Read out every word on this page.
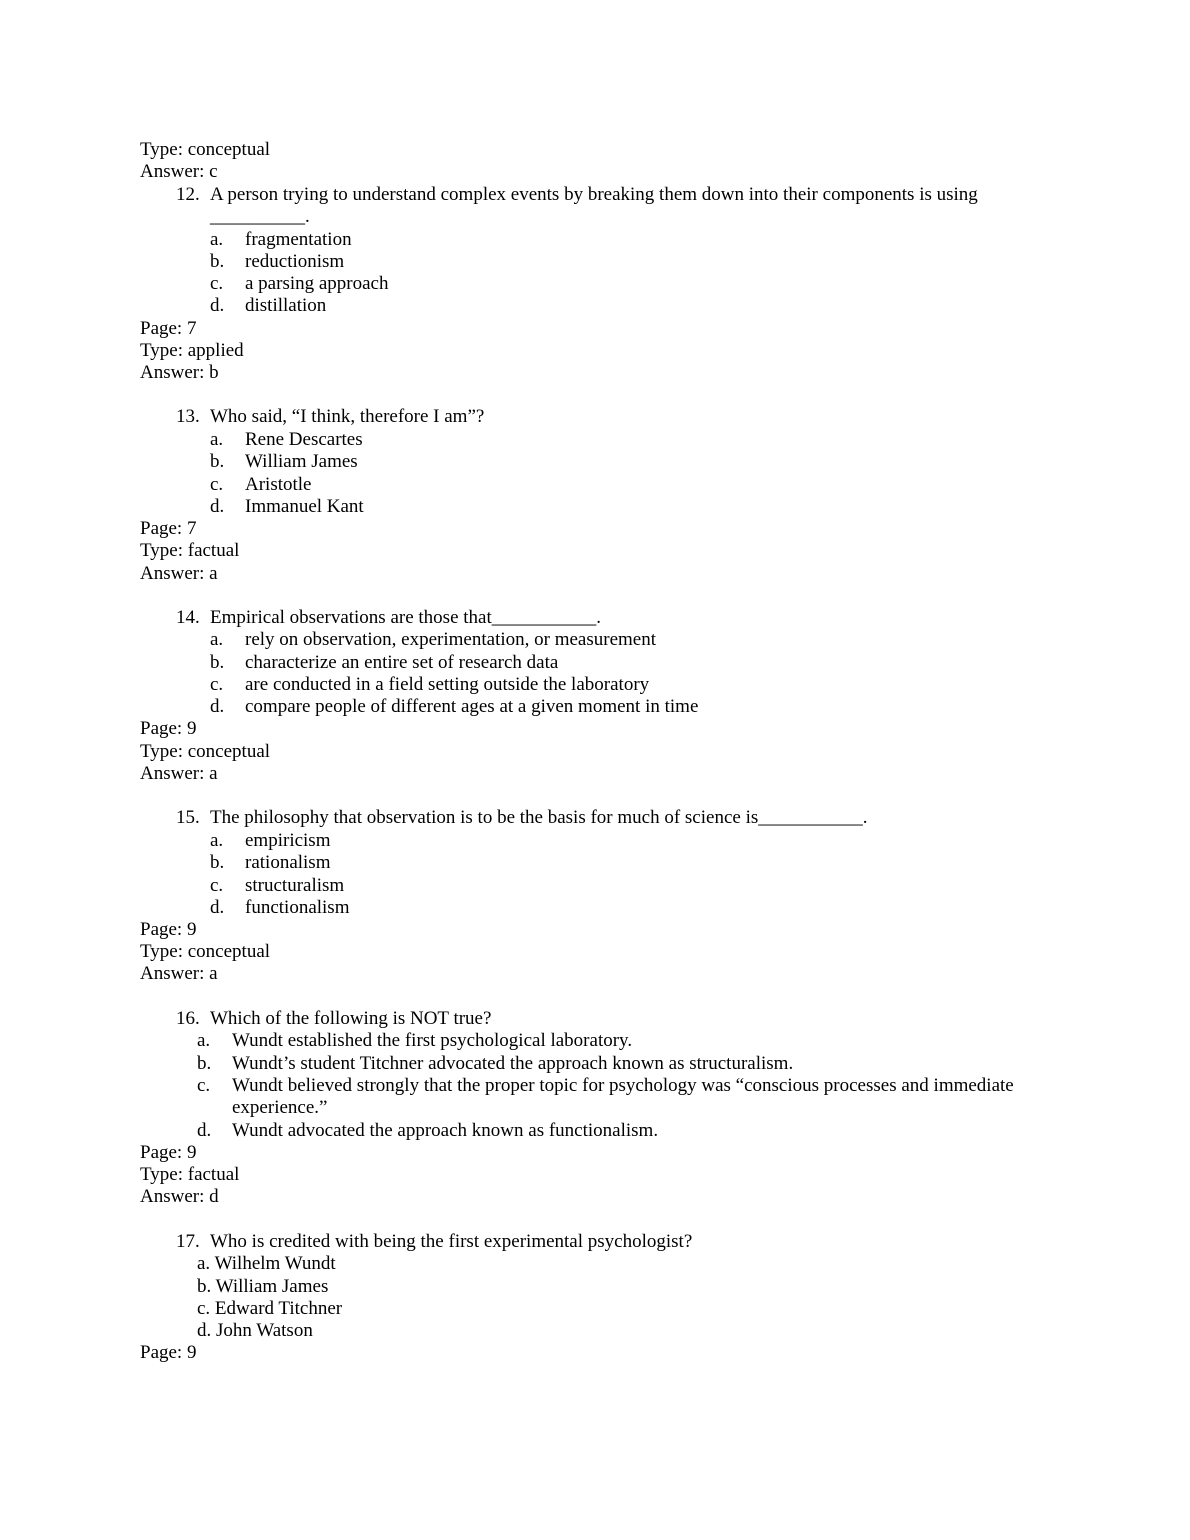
Type: conceptual
Answer: c
12. A person trying to understand complex events by breaking them down into their components is using
__________.
a. fragmentation
b. reductionism
c. a parsing approach
d. distillation
Page: 7
Type: applied
Answer: b
13. Who said, “I think, therefore I am”?
a. Rene Descartes
b. William James
c. Aristotle
d. Immanuel Kant
Page: 7
Type: factual
Answer: a
14. Empirical observations are those that___________.
a. rely on observation, experimentation, or measurement
b. characterize an entire set of research data
c. are conducted in a field setting outside the laboratory
d. compare people of different ages at a given moment in time
Page: 9
Type: conceptual
Answer: a
15. The philosophy that observation is to be the basis for much of science is___________.
a. empiricism
b. rationalism
c. structuralism
d. functionalism
Page: 9
Type: conceptual
Answer: a
16. Which of the following is NOT true?
a. Wundt established the first psychological laboratory.
b. Wundt’s student Titchner advocated the approach known as structuralism.
c. Wundt believed strongly that the proper topic for psychology was “conscious processes and immediate
experience.”
d. Wundt advocated the approach known as functionalism.
Page: 9
Type: factual
Answer: d
17. Who is credited with being the first experimental psychologist?
a. Wilhelm Wundt
b. William James
c. Edward Titchner
d. John Watson
Page: 9
